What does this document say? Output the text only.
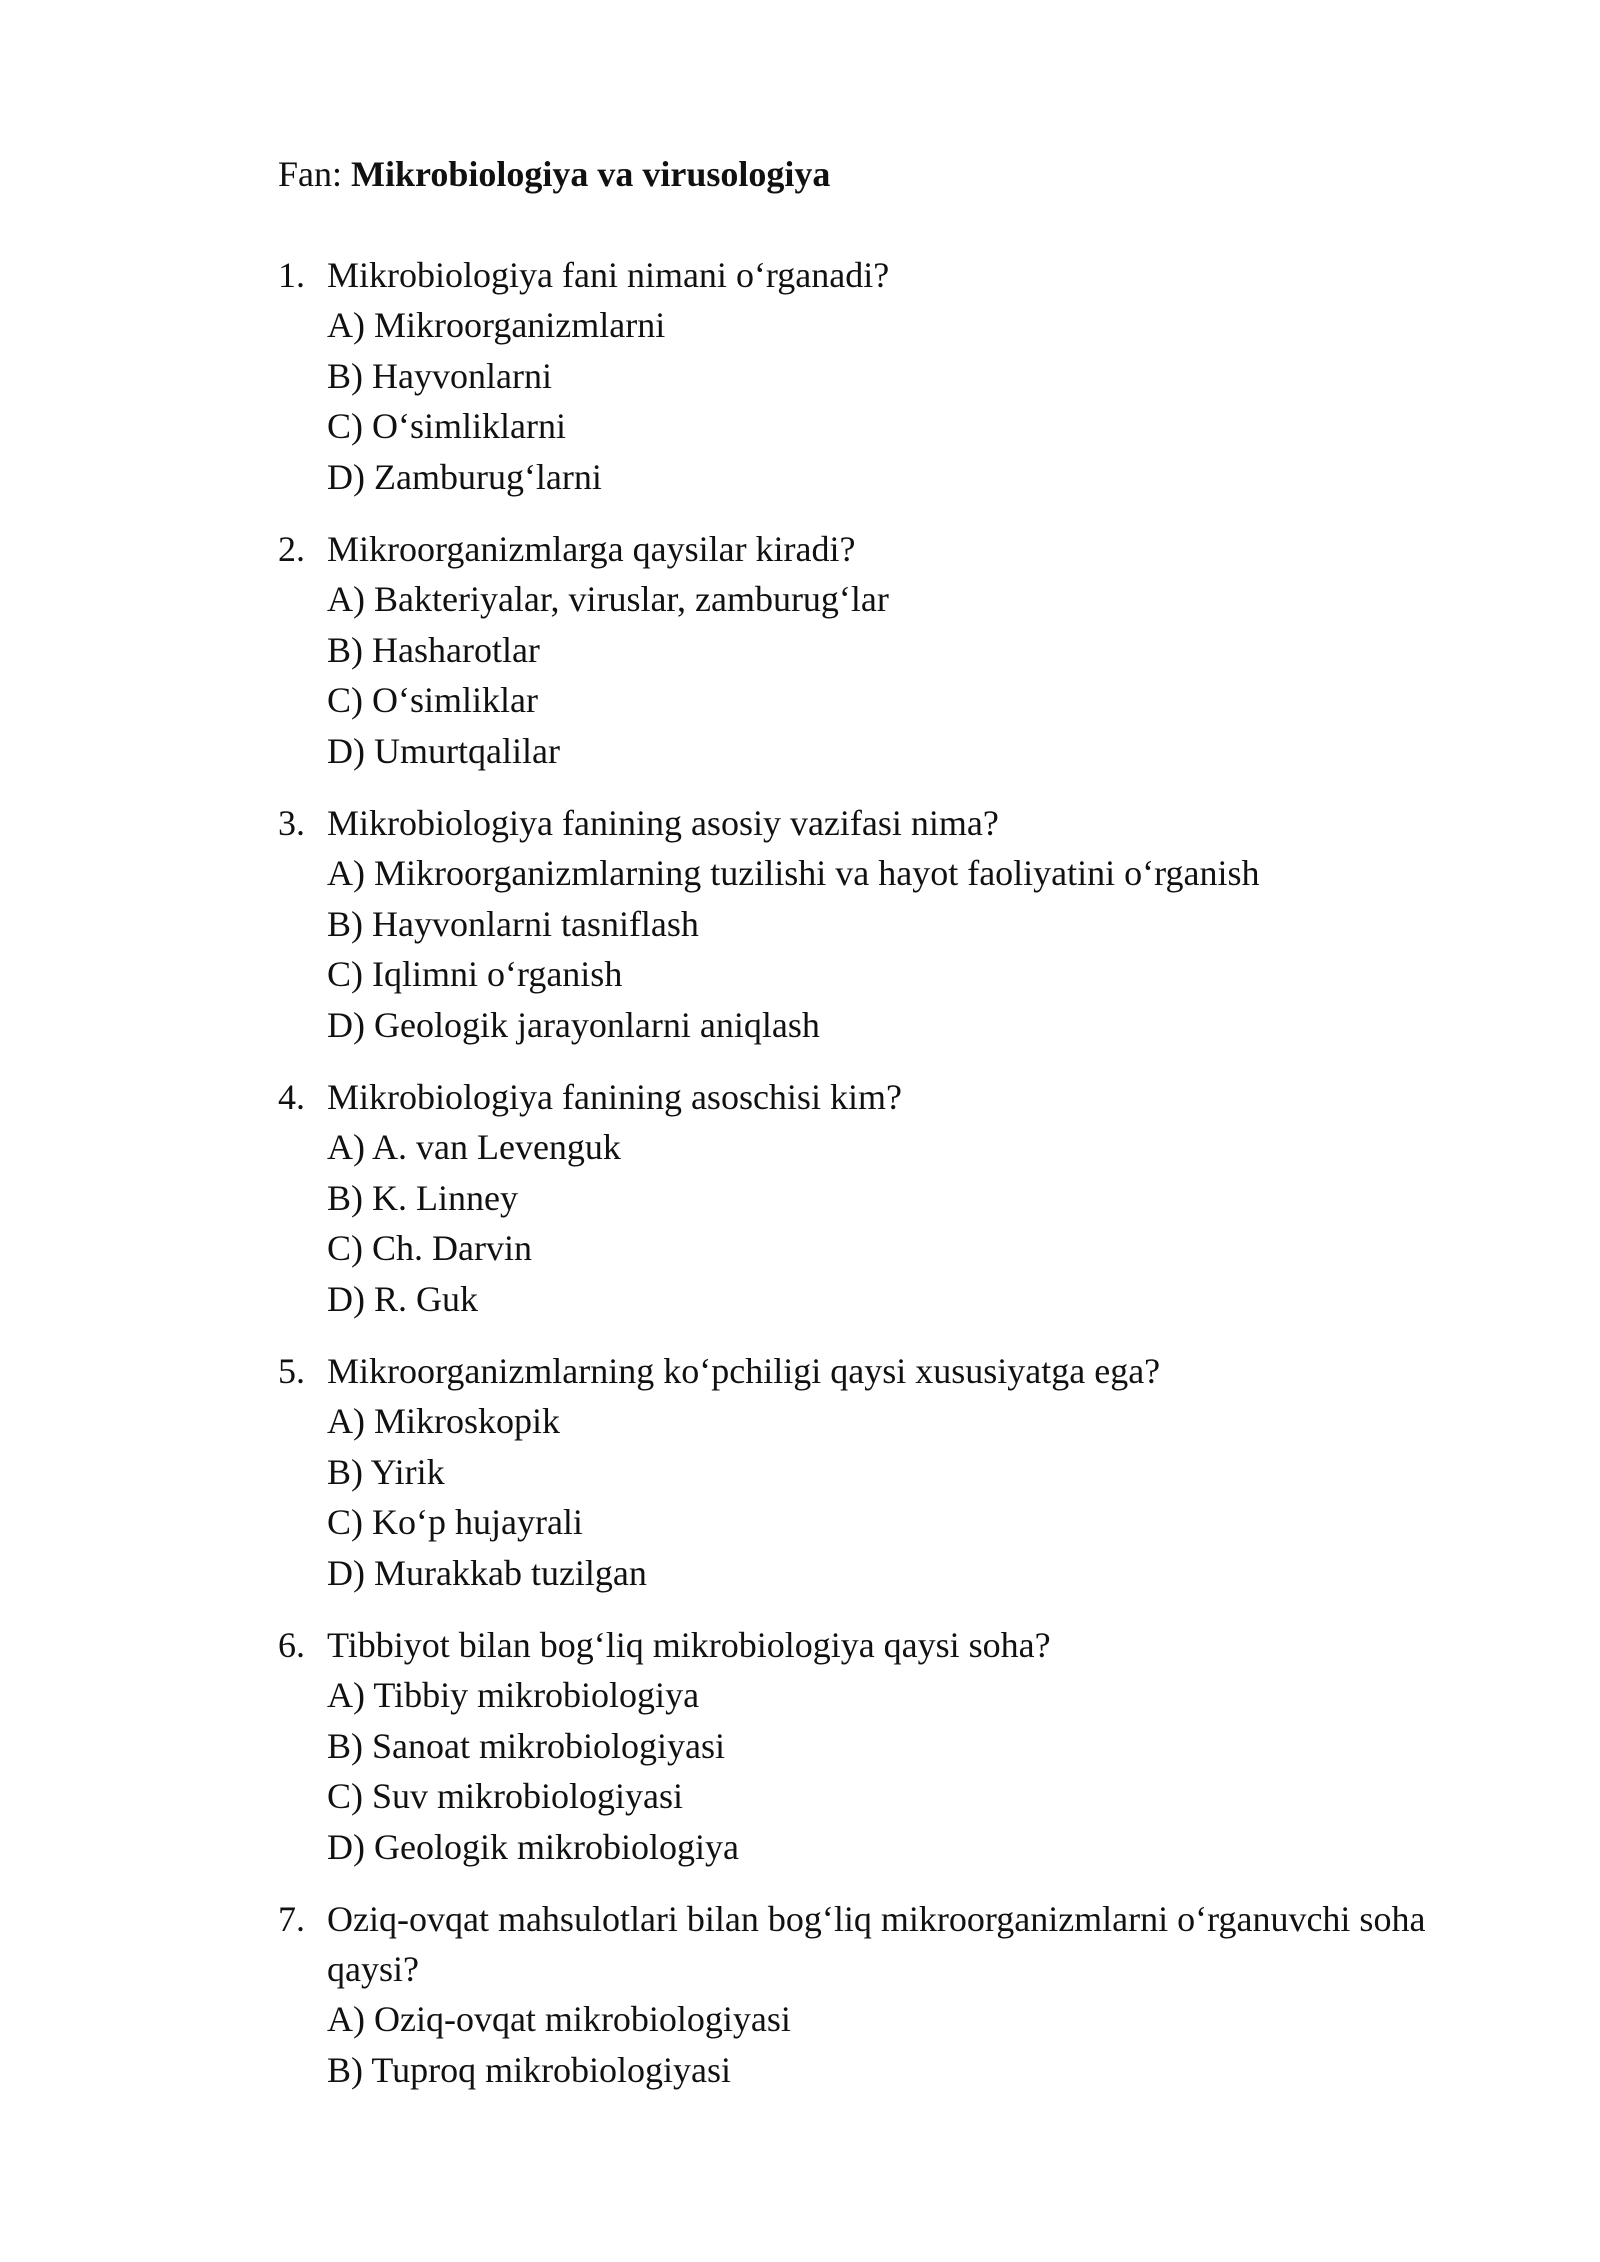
Fan: Mikrobiologiya va virusologiya
1. Mikrobiologiya fani nimani o‘rganadi?
A) Mikroorganizmlarni
B) Hayvonlarni
C) O‘simliklarni
D) Zamburug‘larni
2. Mikroorganizmlarga qaysilar kiradi?
A) Bakteriyalar, viruslar, zamburug‘lar
B) Hasharotlar
C) O‘simliklar
D) Umurtqalilar
3. Mikrobiologiya fanining asosiy vazifasi nima?
A) Mikroorganizmlarning tuzilishi va hayot faoliyatini o‘rganish
B) Hayvonlarni tasniflash
C) Iqlimni o‘rganish
D) Geologik jarayonlarni aniqlash
4. Mikrobiologiya fanining asoschisi kim?
A) A. van Levenguk
B) K. Linney
C) Ch. Darvin
D) R. Guk
5. Mikroorganizmlarning ko‘pchiligi qaysi xususiyatga ega?
A) Mikroskopik
B) Yirik
C) Ko‘p hujayrali
D) Murakkab tuzilgan
6. Tibbiyot bilan bog‘liq mikrobiologiya qaysi soha?
A) Tibbiy mikrobiologiya
B) Sanoat mikrobiologiyasi
C) Suv mikrobiologiyasi
D) Geologik mikrobiologiya
7. Oziq-ovqat mahsulotlari bilan bog‘liq mikroorganizmlarni o‘rganuvchi soha qaysi?
A) Oziq-ovqat mikrobiologiyasi
B) Tuproq mikrobiologiyasi
